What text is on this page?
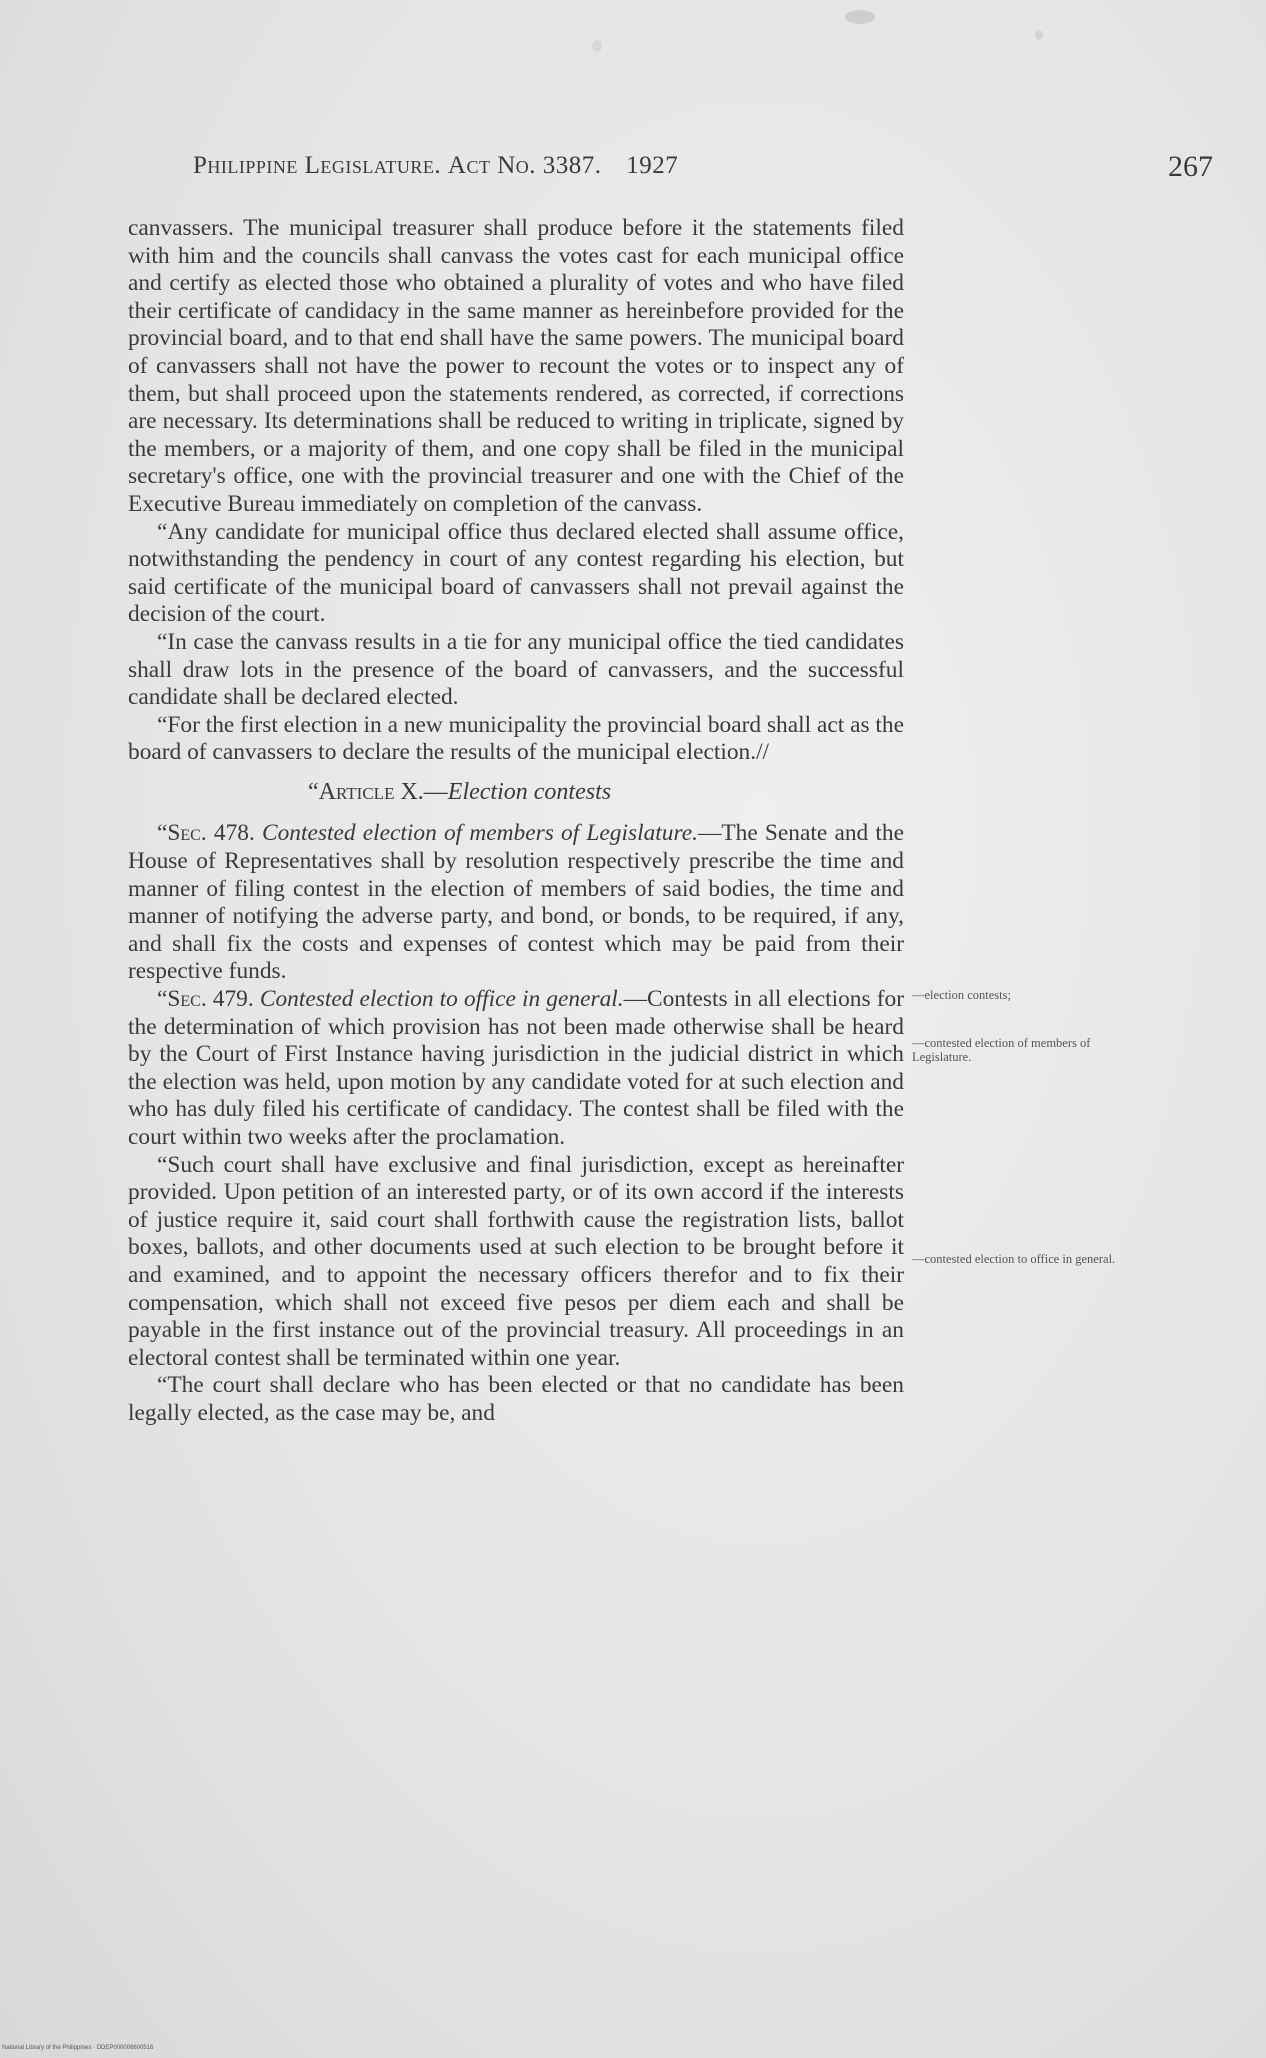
Philippine Legislature. Act No. 3387. 1927	267

canvassers. The municipal treasurer shall produce before it the statements filed with him and the councils shall canvass the votes cast for each municipal office and certify as elected those who obtained a plurality of votes and who have filed their certificate of candidacy in the same manner as hereinbefore provided for the provincial board, and to that end shall have the same powers. The municipal board of canvassers shall not have the power to recount the votes or to inspect any of them, but shall proceed upon the statements rendered, as corrected, if corrections are necessary. Its determinations shall be reduced to writing in triplicate, signed by the members, or a majority of them, and one copy shall be filed in the municipal secretary's office, one with the provincial treasurer and one with the Chief of the Executive Bureau immediately on completion of the canvass.

“Any candidate for municipal office thus declared elected shall assume office, notwithstanding the pendency in court of any contest regarding his election, but said certificate of the municipal board of canvassers shall not prevail against the decision of the court.

“In case the canvass results in a tie for any municipal office the tied candidates shall draw lots in the presence of the board of canvassers, and the successful candidate shall be declared elected.

“For the first election in a new municipality the provincial board shall act as the board of canvassers to declare the results of the municipal election.//

“Article X.—Election contests

“Sec. 478. Contested election of members of Legislature.—The Senate and the House of Representatives shall by resolution respectively prescribe the time and manner of filing contest in the election of members of said bodies, the time and manner of notifying the adverse party, and bond, or bonds, to be required, if any, and shall fix the costs and expenses of contest which may be paid from their respective funds.

“Sec. 479. Contested election to office in general.—Contests in all elections for the determination of which provision has not been made otherwise shall be heard by the Court of First Instance having jurisdiction in the judicial district in which the election was held, upon motion by any candidate voted for at such election and who has duly filed his certificate of candidacy. The contest shall be filed with the court within two weeks after the proclamation.

“Such court shall have exclusive and final jurisdiction, except as hereinafter provided. Upon petition of an interested party, or of its own accord if the interests of justice require it, said court shall forthwith cause the registration lists, ballot boxes, ballots, and other documents used at such election to be brought before it and examined, and to appoint the necessary officers therefor and to fix their compensation, which shall not exceed five pesos per diem each and shall be payable in the first instance out of the provincial treasury. All proceedings in an electoral contest shall be terminated within one year.

“The court shall declare who has been elected or that no candidate has been legally elected, as the case may be, and

—election contests;
—contested election of members of Legislature.
—contested election to office in general.
National Library of the Philippines · DDEP000006600516
